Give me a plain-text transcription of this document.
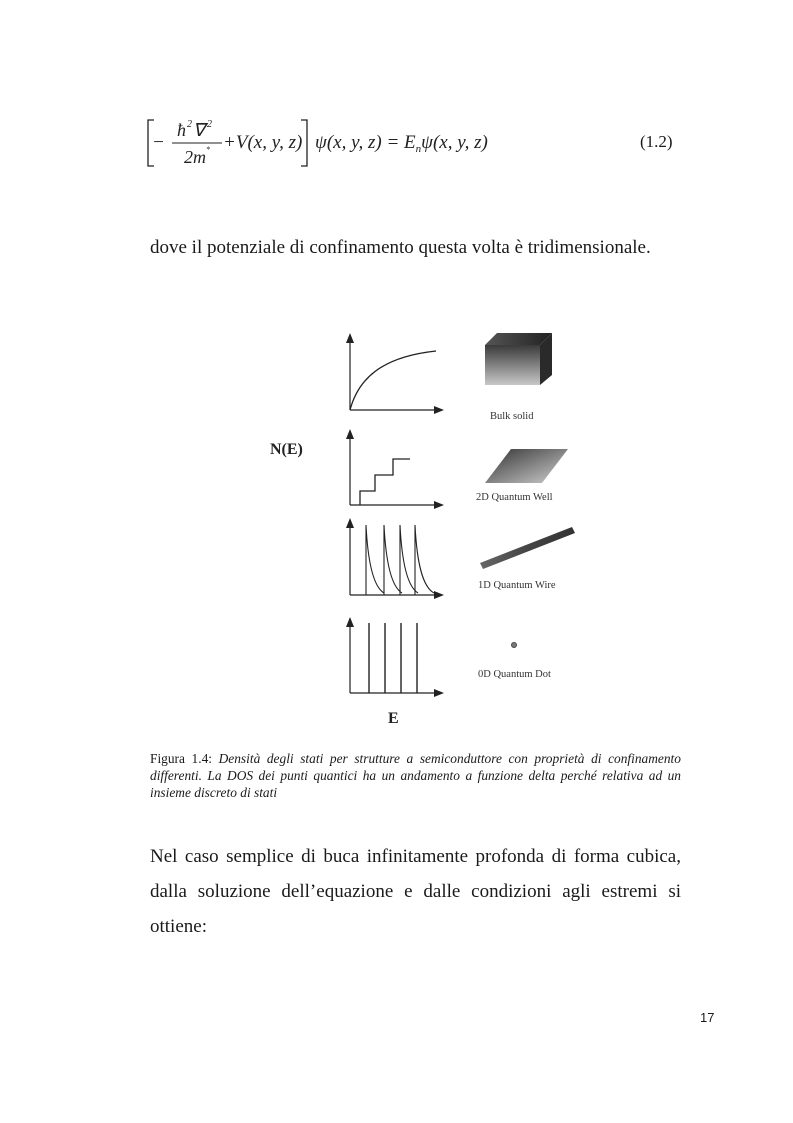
−
ħ 2 ∇ 2
2m * +V(x, y, z) ψ(x, y, $z) = E_n\psi(x$, y, z)	(1.2)
dove il potenziale di confinamento questa volta è tridimensionale.
N(E)
Bulk solid
2D Quantum Well
1D Quantum Wire
0D Quantum Dot
E
Figura 1.4: Densità degli stati per strutture a semiconduttore con proprietà di confinamento differenti. La DOS dei punti quantici ha un andamento a funzione delta perché relativa ad un insieme discreto di stati
Nel caso semplice di buca infinitamente profonda di forma cubica,
dalla soluzione dell’equazione e dalle condizioni agli estremi si
ottiene:
17
